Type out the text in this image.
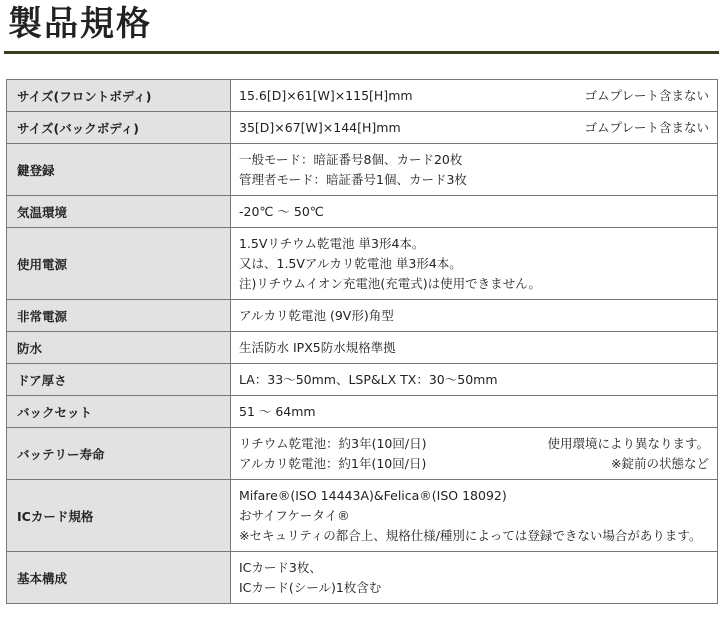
製品規格
サイズ(フロントボディ)	15.6[D]×61[W]×115[H]mm ゴムプレート含まない

サイズ(バックボディ)	35[D]×67[W]×144[H]mm ゴムプレート含まない

鍵登録	一般モード：暗証番号8個、カード20枚
管理者モード：暗証番号1個、カード3枚

気温環境	-20℃ 〜 50℃

使用電源	1.5Vリチウム乾電池 単3形4本。
又は、1.5Vアルカリ乾電池 単3形4本。
注)リチウムイオン充電池(充電式)は使用できません。

非常電源	アルカリ乾電池 (9V形)角型

防水	生活防水 IPX5防水規格準拠

ドア厚さ	LA：33〜50mm、LSP&LX TX：30〜50mm

バックセット	51 〜 64mm

バッテリー寿命	リチウム乾電池：約3年(10回/日) 使用環境により異なります。
アルカリ乾電池：約1年(10回/日) ※錠前の状態など

ICカード規格	Mifare®(ISO 14443A)&Felica®(ISO 18092)
おサイフケータイ®
※セキュリティの都合上、規格仕様/種別によっては登録できない場合があります。

基本構成	ICカード3枚、
ICカード(シール)1枚含む
